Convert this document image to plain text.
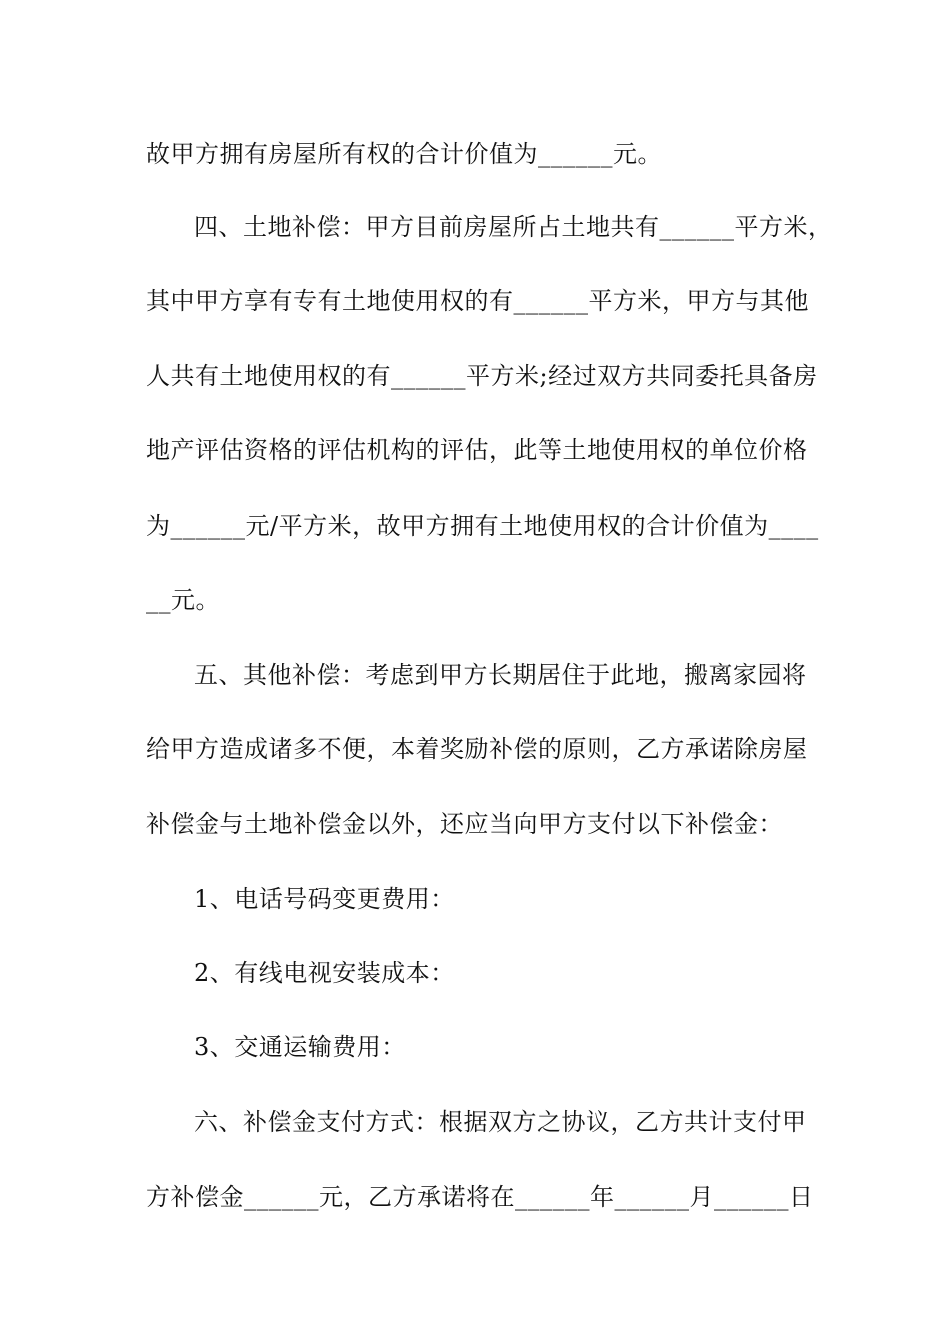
故甲方拥有房屋所有权的合计价值为______元。
四、土地补偿：甲方目前房屋所占土地共有______平方米，
其中甲方享有专有土地使用权的有______平方米，甲方与其他
人共有土地使用权的有______平方米;经过双方共同委托具备房
地产评估资格的评估机构的评估，此等土地使用权的单位价格
为______元/平方米，故甲方拥有土地使用权的合计价值为____
__元。
五、其他补偿：考虑到甲方长期居住于此地，搬离家园将
给甲方造成诸多不便，本着奖励补偿的原则，乙方承诺除房屋
补偿金与土地补偿金以外，还应当向甲方支付以下补偿金：
1、电话号码变更费用：
2、有线电视安装成本：
3、交通运输费用：
六、补偿金支付方式：根据双方之协议，乙方共计支付甲
方补偿金______元，乙方承诺将在______年______月______日
